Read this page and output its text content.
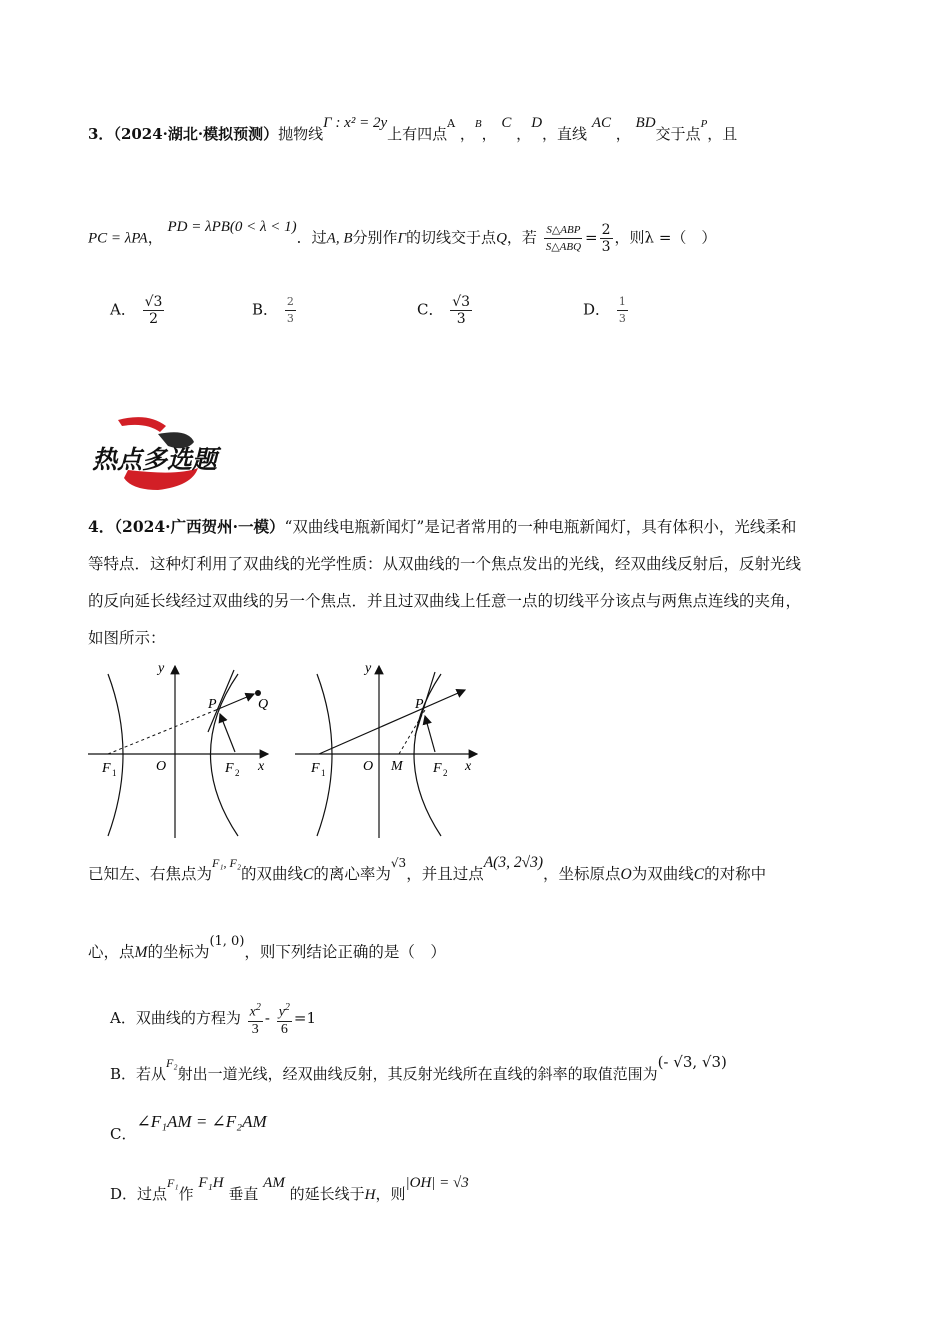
3．（2024·湖北·模拟预测）抛物线Γ : x² = 2y上有四点$^A$ ，$^B$， C ，D，直线 AC ， BD交于点$^P$，且
PC = λPA， PD = λPB(0 < λ < 1)．过A, B分别作Γ的切线交于点Q，若 $\frac{\text{S△ABP}}{\text{S△ABQ}} = \frac{2}{3}$ ，则λ =（　）
A． $\frac{√3}{2}$	B． $\frac{2}{3}$	C． $\frac{√3}{3}$	D． $\frac{1}{3}$
热点多选题
4．（2024·广西贺州·一模）“双曲线电瓶新闻灯”是记者常用的一种电瓶新闻灯，具有体积小，光线柔和
等特点．这种灯利用了双曲线的光学性质：从双曲线的一个焦点发出的光线，经双曲线反射后，反射光线
的反向延长线经过双曲线的另一个焦点．并且过双曲线上任意一点的切线平分该点与两焦点连线的夹角，
如图所示：
y
x
O
F 1	F 2
P	Q
y
x
O M
F 1	F 2
P
已知左、右焦点为$^{F_1, F_2}$的双曲线C的离心率为$^{√3}$，并且过点A(3, 2√3)，坐标原点O为双曲线C的对称中
心，点M的坐标为$^{(1, 0)}$，则下列结论正确的是（　）
A．双曲线的方程为 $\frac{x^2}{3} - \frac{y^2}{6} =1$
B．若从$^{F_2}$射出一道光线，经双曲线反射，其反射光线所在直线的斜率的取值范围为(- √3, √3)
C．∠F₁AM = ∠F₂AM
D．过点$^{F_1}$作 F₁H 垂直 AM 的延长线于H，则|OH| = √3
